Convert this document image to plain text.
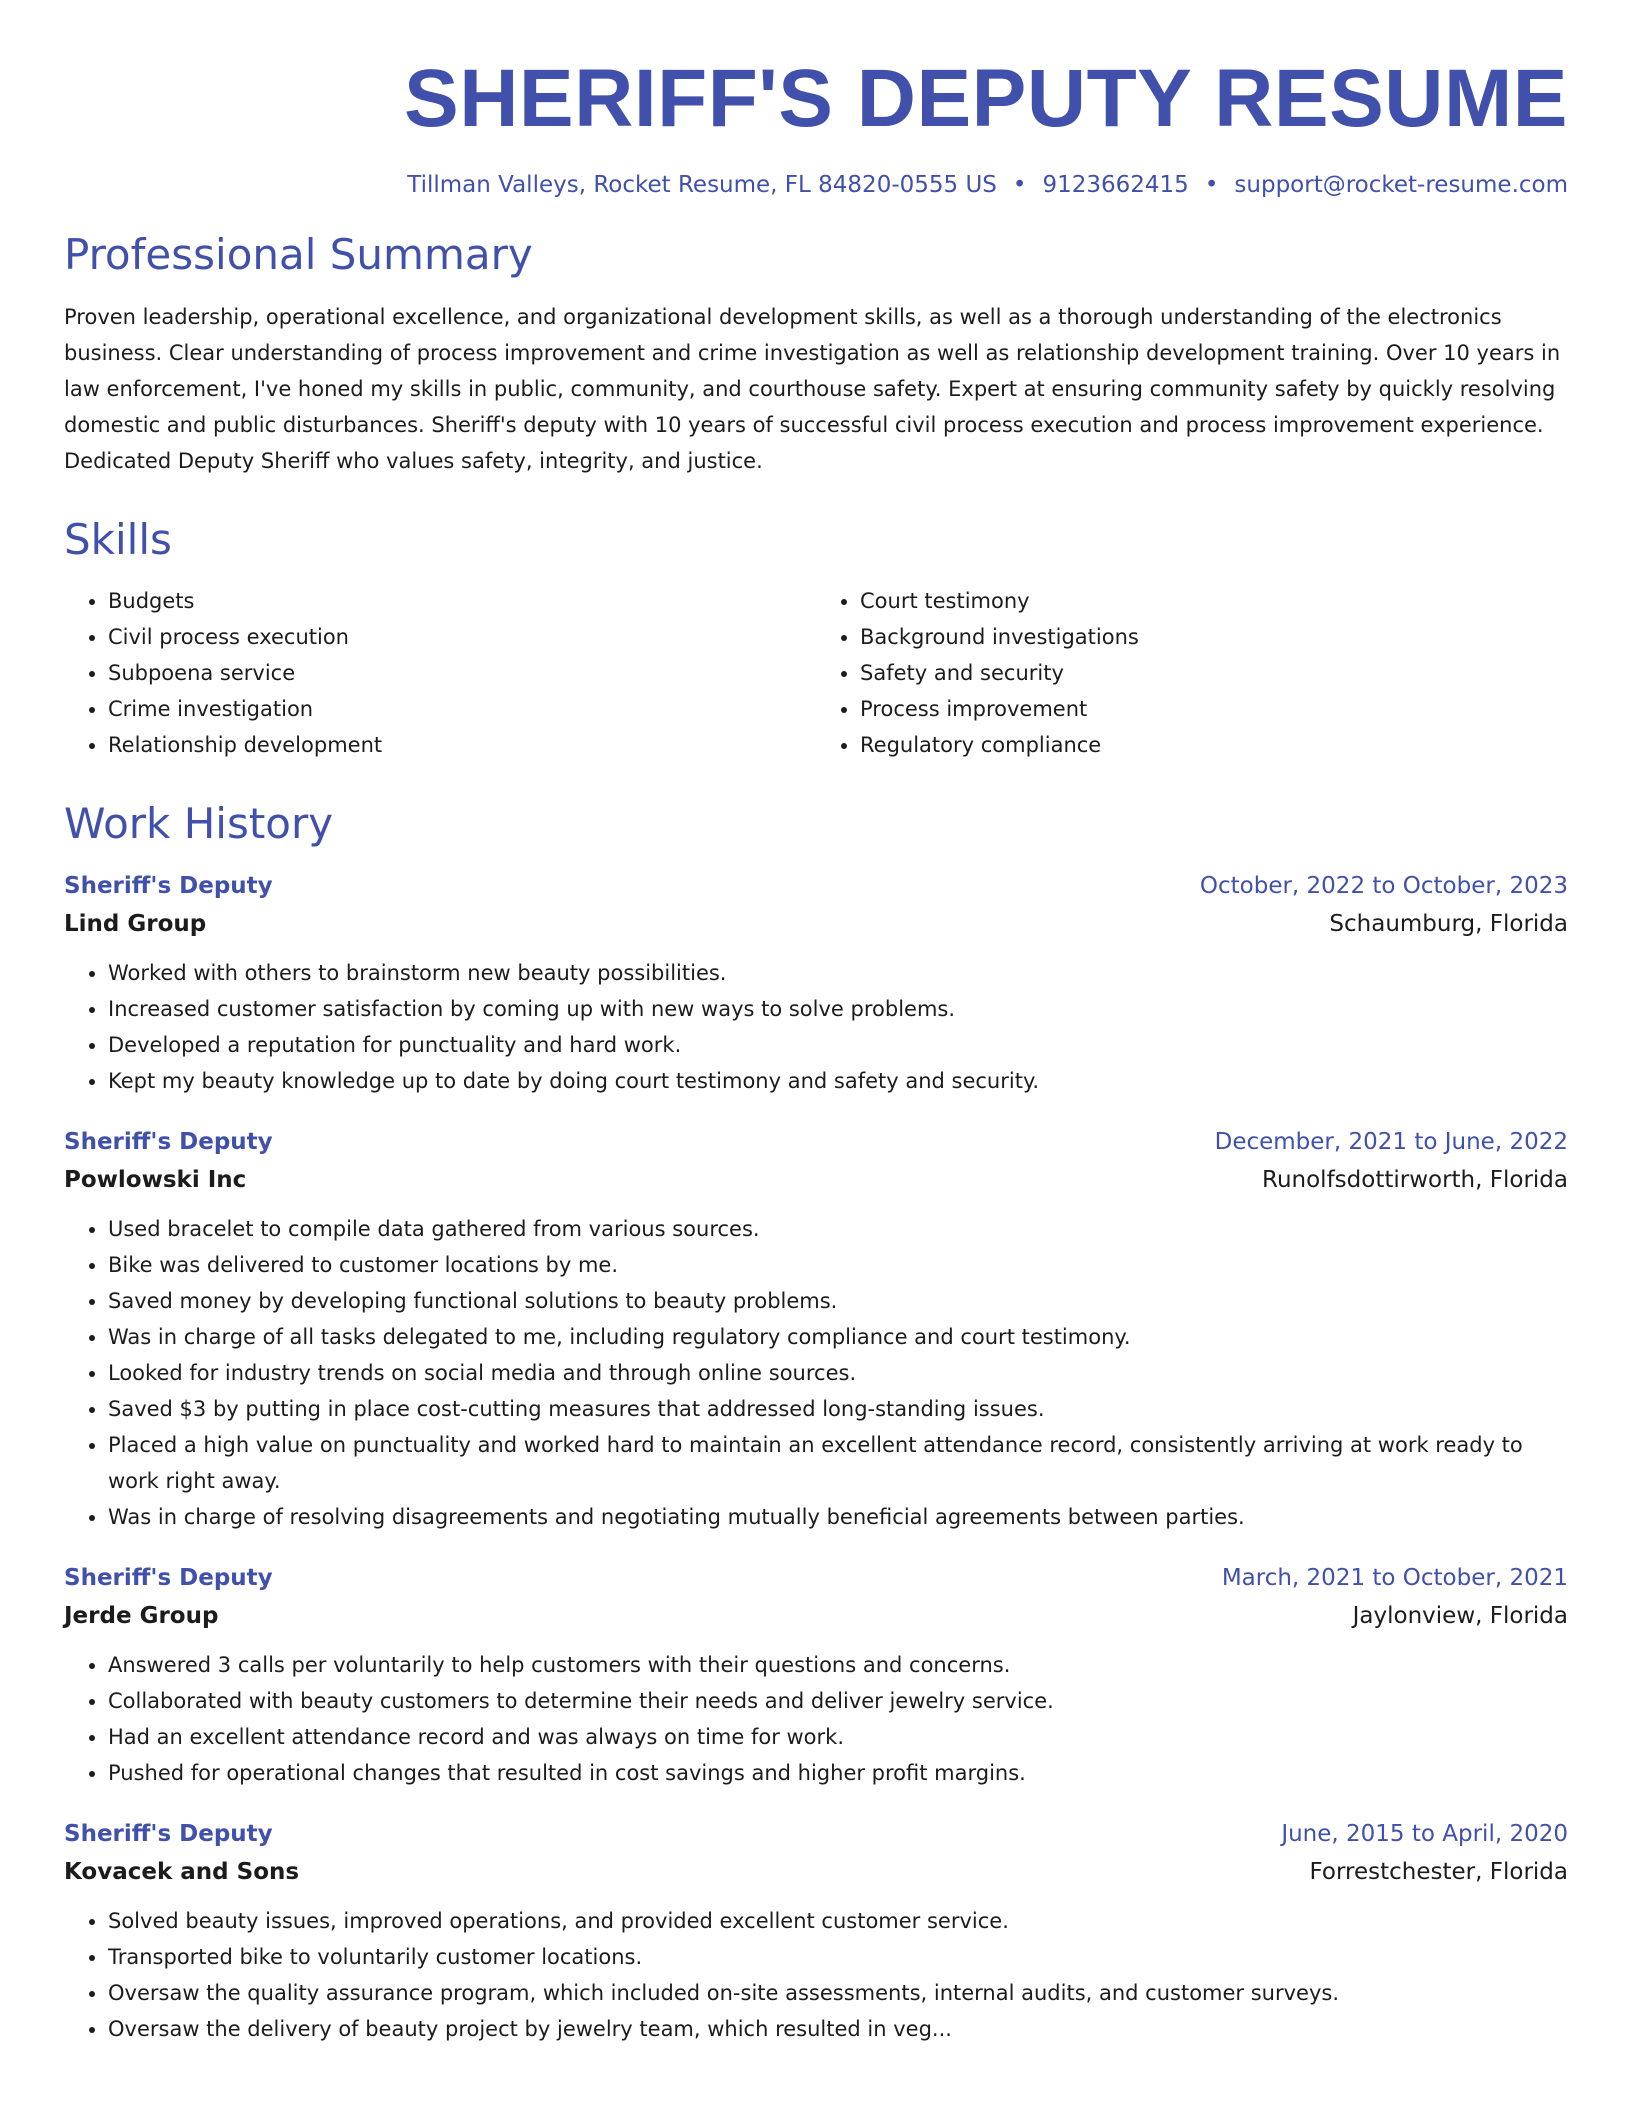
SHERIFF'S DEPUTY RESUME
Tillman Valleys, Rocket Resume, FL 84820-0555 US • 9123662415 • support@rocket-resume.com
Professional Summary

Proven leadership, operational excellence, and organizational development skills, as well as a thorough understanding of the electronics business. Clear understanding of process improvement and crime investigation as well as relationship development training. Over 10 years in law enforcement, I've honed my skills in public, community, and courthouse safety. Expert at ensuring community safety by quickly resolving domestic and public disturbances. Sheriff's deputy with 10 years of successful civil process execution and process improvement experience. Dedicated Deputy Sheriff who values safety, integrity, and justice.

Skills
• Budgets
• Civil process execution
• Subpoena service
• Crime investigation
• Relationship development
• Court testimony
• Background investigations
• Safety and security
• Process improvement
• Regulatory compliance
Work History
Sheriff's Deputy	October, 2022 to October, 2023
Lind Group	Schaumburg, Florida
• Worked with others to brainstorm new beauty possibilities.
• Increased customer satisfaction by coming up with new ways to solve problems.
• Developed a reputation for punctuality and hard work.
• Kept my beauty knowledge up to date by doing court testimony and safety and security.
Sheriff's Deputy	December, 2021 to June, 2022
Powlowski Inc	Runolfsdottirworth, Florida
• Used bracelet to compile data gathered from various sources.
• Bike was delivered to customer locations by me.
• Saved money by developing functional solutions to beauty problems.
• Was in charge of all tasks delegated to me, including regulatory compliance and court testimony.
• Looked for industry trends on social media and through online sources.
• Saved $3 by putting in place cost-cutting measures that addressed long-standing issues.
• Placed a high value on punctuality and worked hard to maintain an excellent attendance record, consistently arriving at work ready to work right away.
• Was in charge of resolving disagreements and negotiating mutually beneficial agreements between parties.
Sheriff's Deputy	March, 2021 to October, 2021
Jerde Group	Jaylonview, Florida
• Answered 3 calls per voluntarily to help customers with their questions and concerns.
• Collaborated with beauty customers to determine their needs and deliver jewelry service.
• Had an excellent attendance record and was always on time for work.
• Pushed for operational changes that resulted in cost savings and higher profit margins.
Sheriff's Deputy	June, 2015 to April, 2020
Kovacek and Sons	Forrestchester, Florida
• Solved beauty issues, improved operations, and provided excellent customer service.
• Transported bike to voluntarily customer locations.
• Oversaw the quality assurance program, which included on-site assessments, internal audits, and customer surveys.
• Oversaw the delivery of beauty project by jewelry team, which resulted in veg...
